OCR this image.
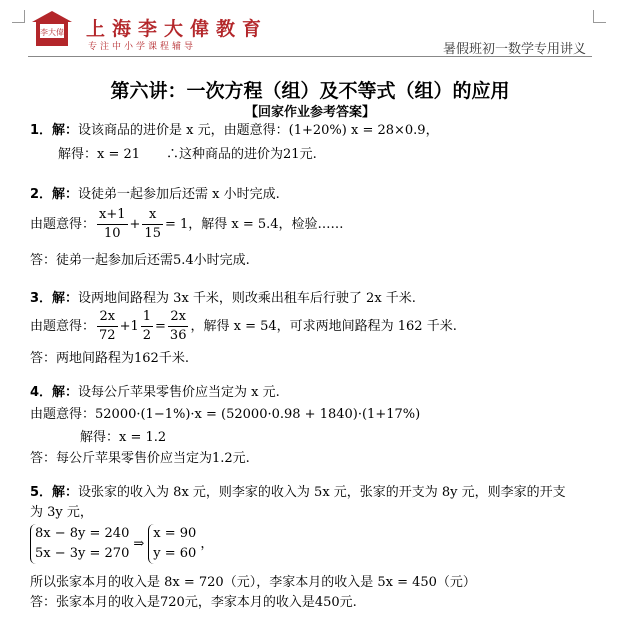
李大偉 上海李大偉教育
专注中小学课程辅导	暑假班初一数学专用讲义
第六讲：一次方程（组）及不等式（组）的应用
【回家作业参考答案】
1．解：设该商品的进价是 x 元，由题意得：(1+20%) x = 28×0.9，
解得：x = 21　　∴这种商品的进价为21元.
2．解：设徒弟一起参加后还需 x 小时完成.
由题意得： $\frac{x+1}{10} + \frac{x}{15} = 1$，解得 x = 5.4，检验……
答：徒弟一起参加后还需5.4小时完成.
3．解：设两地间路程为 3x 千米，则改乘出租车后行驶了 2x 千米.
由题意得： $\frac{2x}{72} +1 \frac{1}{2} = \frac{2x}{36}$ ，解得 x = 54，可求两地间路程为 162 千米.
答：两地间路程为162千米.
4．解：设每公斤苹果零售价应当定为 x 元.
由题意得：52000·(1−1%)·x = (52000·0.98 + 1840)·(1+17%)
解得：x = 1.2
答：每公斤苹果零售价应当定为1.2元.
5．解：设张家的收入为 8x 元，则李家的收入为 5x 元，张家的开支为 8y 元，则李家的开支
为 3y 元，
8x − 8y = 240
5x − 3y = 270
⇒
x = 90
y = 60
，
所以张家本月的收入是 8x = 720（元），李家本月的收入是 5x = 450（元）
答：张家本月的收入是720元，李家本月的收入是450元.
